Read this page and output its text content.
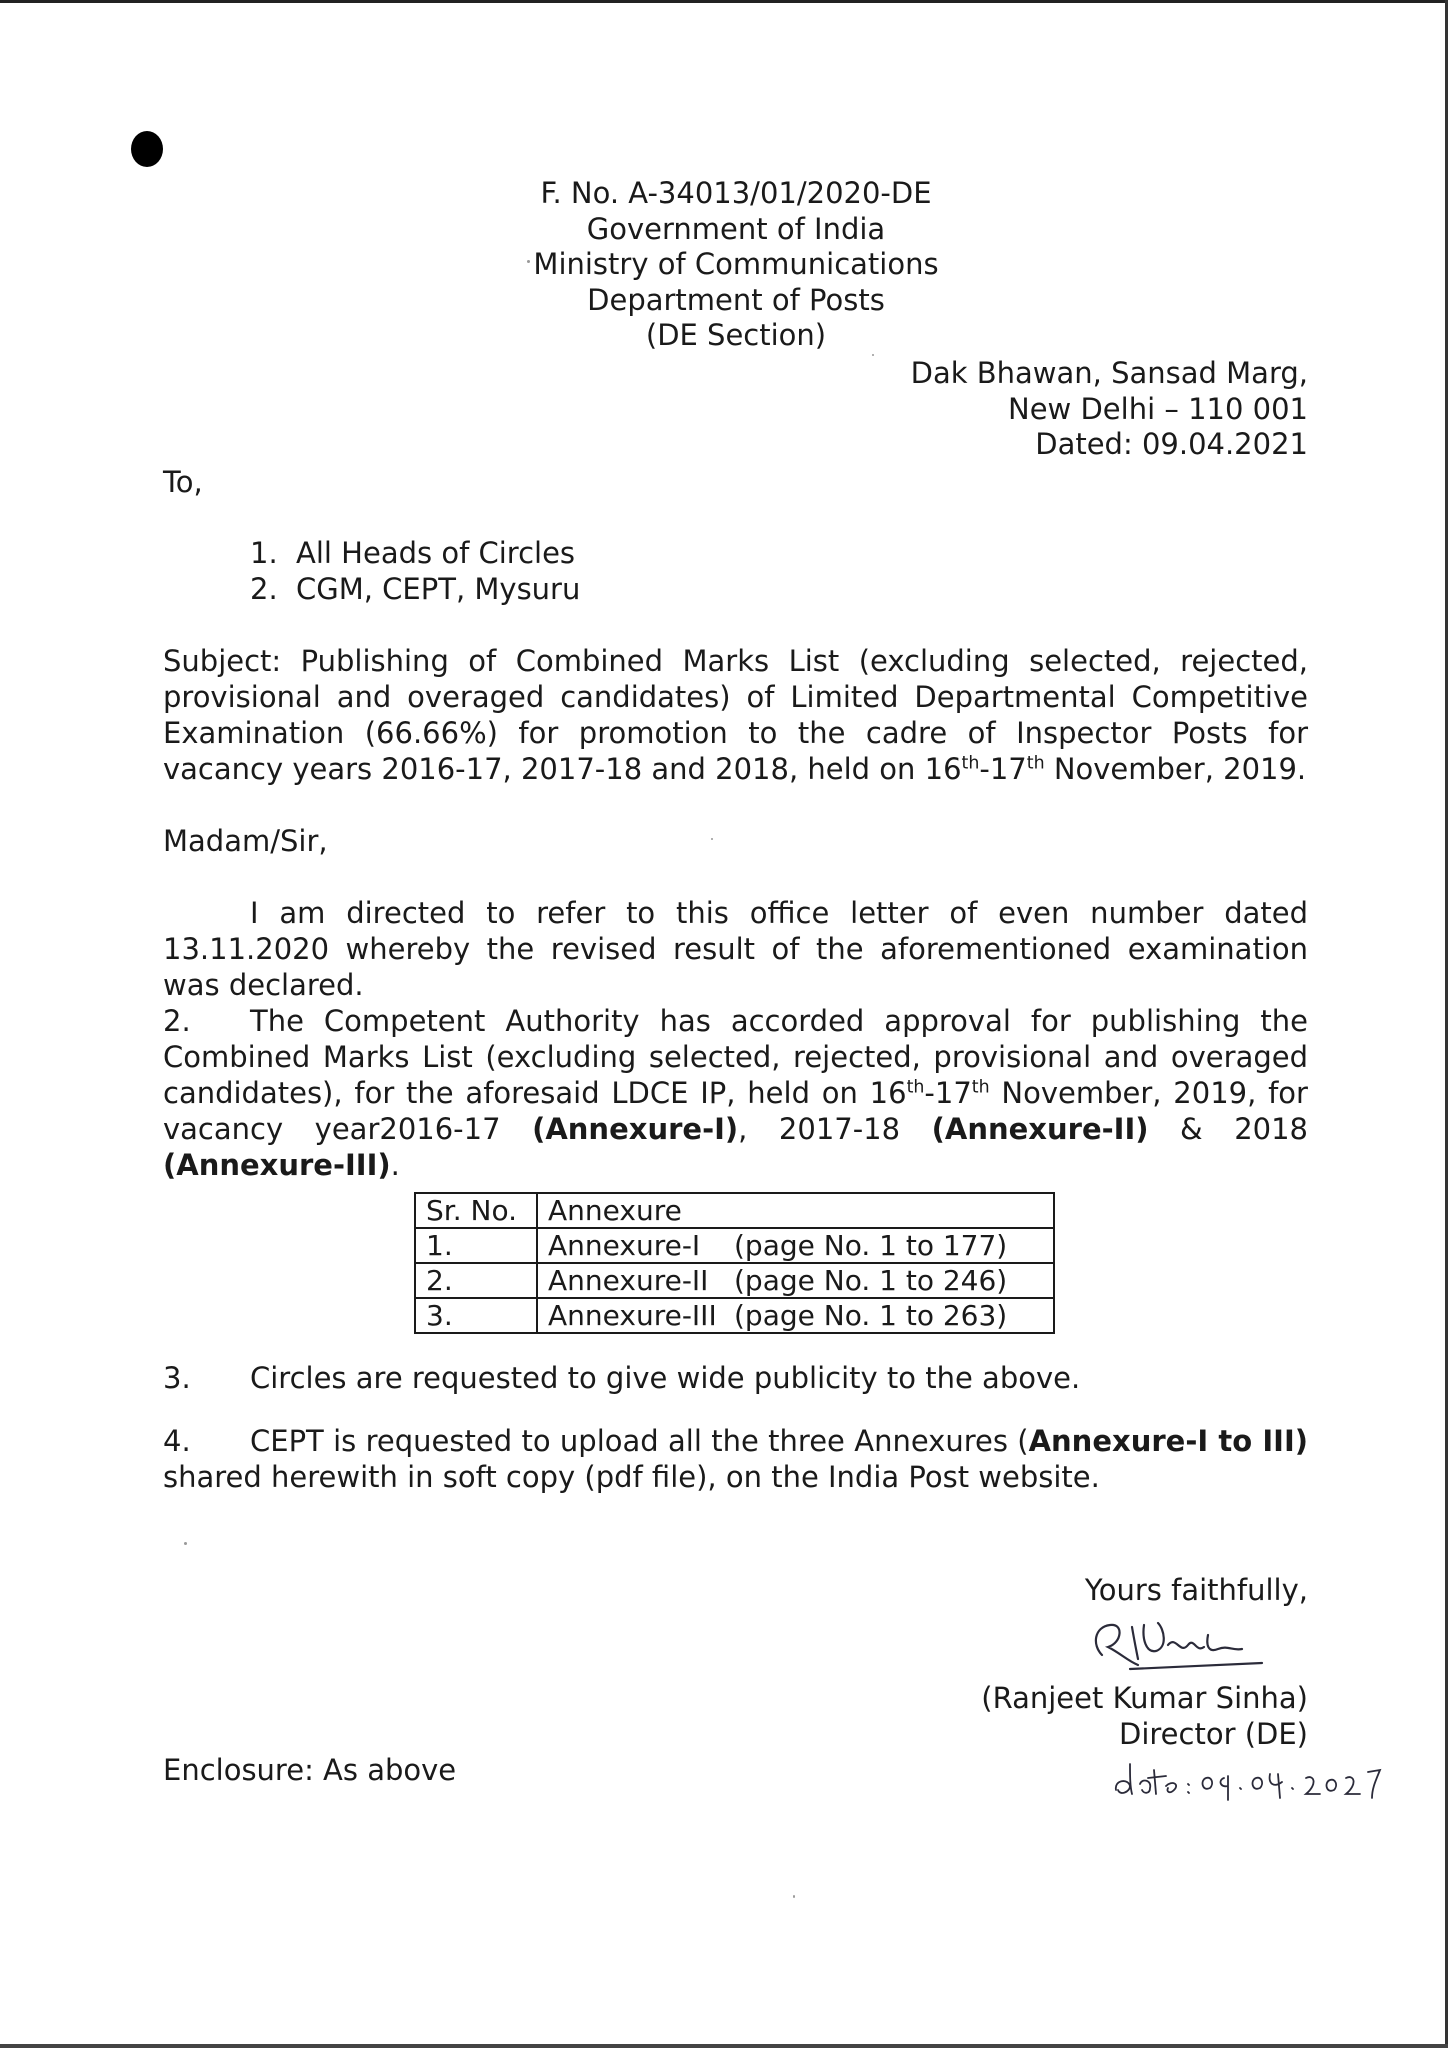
F. No. A-34013/01/2020-DE
Government of India
Ministry of Communications
Department of Posts
(DE Section)
Dak Bhawan, Sansad Marg,
New Delhi – 110 001
Dated: 09.04.2021
To,
1. All Heads of Circles
2. CGM, CEPT, Mysuru

Subject: Publishing of Combined Marks List (excluding selected, rejected, provisional and overaged candidates) of Limited Departmental Competitive Examination (66.66%) for promotion to the cadre of Inspector Posts for vacancy years 2016-17, 2017-18 and 2018, held on 16th-17th November, 2019.

Madam/Sir,

I am directed to refer to this office letter of even number dated 13.11.2020 whereby the revised result of the aforementioned examination was declared.

2. The Competent Authority has accorded approval for publishing the Combined Marks List (excluding selected, rejected, provisional and overaged candidates), for the aforesaid LDCE IP, held on 16th-17th November, 2019, for vacancy year2016-17 (Annexure-I), 2017-18 (Annexure-II) & 2018 (Annexure-III).

Sr. No.	Annexure
1.	Annexure-I (page No. 1 to 177)
2.	Annexure-II (page No. 1 to 246)
3.	Annexure-III (page No. 1 to 263)

3. Circles are requested to give wide publicity to the above.

4. CEPT is requested to upload all the three Annexures (Annexure-I to III) shared herewith in soft copy (pdf file), on the India Post website.

Yours faithfully,
(Ranjeet Kumar Sinha)
Director (DE)
Enclosure: As above
